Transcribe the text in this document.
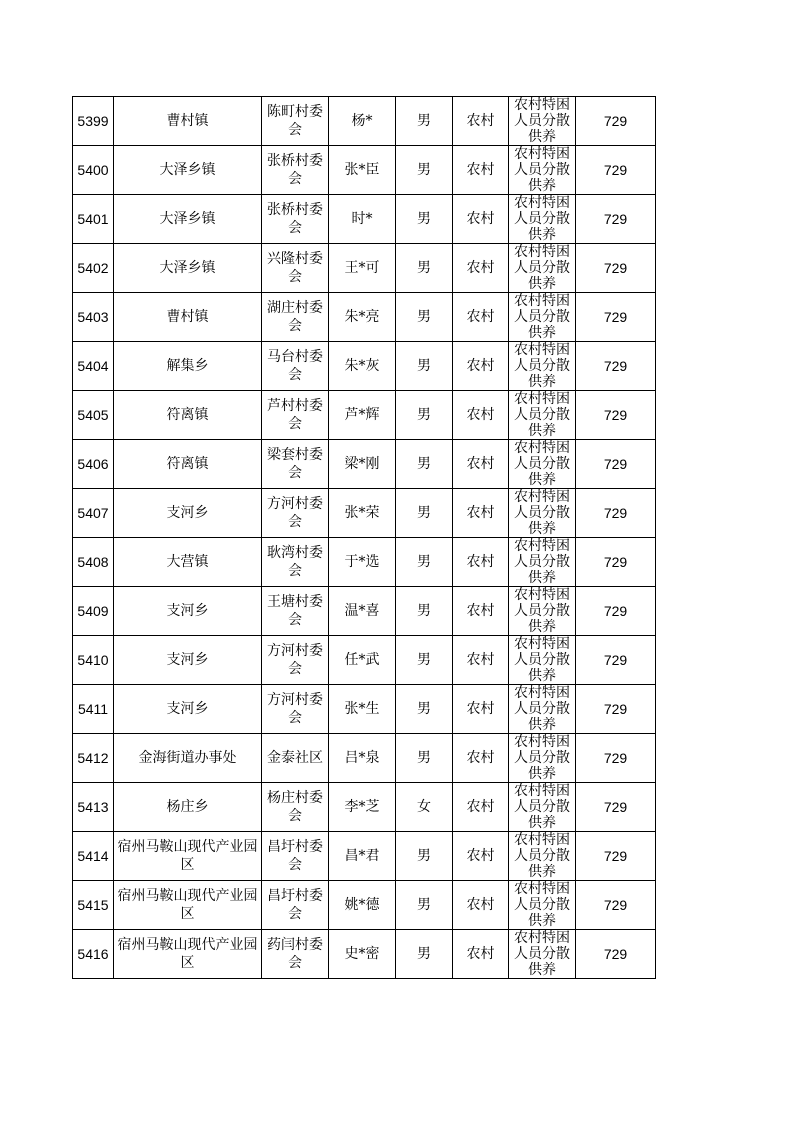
5399	曹村镇	陈町村委会	杨*	男	农村	农村特困人员分散供养	729

5400	大泽乡镇	张桥村委会	张*臣	男	农村	农村特困人员分散供养	729

5401	大泽乡镇	张桥村委会	时*	男	农村	农村特困人员分散供养	729

5402	大泽乡镇	兴隆村委会	王*可	男	农村	农村特困人员分散供养	729

5403	曹村镇	湖庄村委会	朱*亮	男	农村	农村特困人员分散供养	729

5404	解集乡	马台村委会	朱*灰	男	农村	农村特困人员分散供养	729

5405	符离镇	芦村村委会	芦*辉	男	农村	农村特困人员分散供养	729

5406	符离镇	梁套村委会	梁*刚	男	农村	农村特困人员分散供养	729

5407	支河乡	方河村委会	张*荣	男	农村	农村特困人员分散供养	729

5408	大营镇	耿湾村委会	于*选	男	农村	农村特困人员分散供养	729

5409	支河乡	王塘村委会	温*喜	男	农村	农村特困人员分散供养	729

5410	支河乡	方河村委会	任*武	男	农村	农村特困人员分散供养	729

5411	支河乡	方河村委会	张*生	男	农村	农村特困人员分散供养	729

5412	金海街道办事处	金泰社区	吕*泉	男	农村	农村特困人员分散供养	729

5413	杨庄乡	杨庄村委会	李*芝	女	农村	农村特困人员分散供养	729

5414	宿州马鞍山现代产业园区	昌圩村委会	昌*君	男	农村	农村特困人员分散供养	729

5415	宿州马鞍山现代产业园区	昌圩村委会	姚*德	男	农村	农村特困人员分散供养	729

5416	宿州马鞍山现代产业园区	药闫村委会	史*密	男	农村	农村特困人员分散供养	729
